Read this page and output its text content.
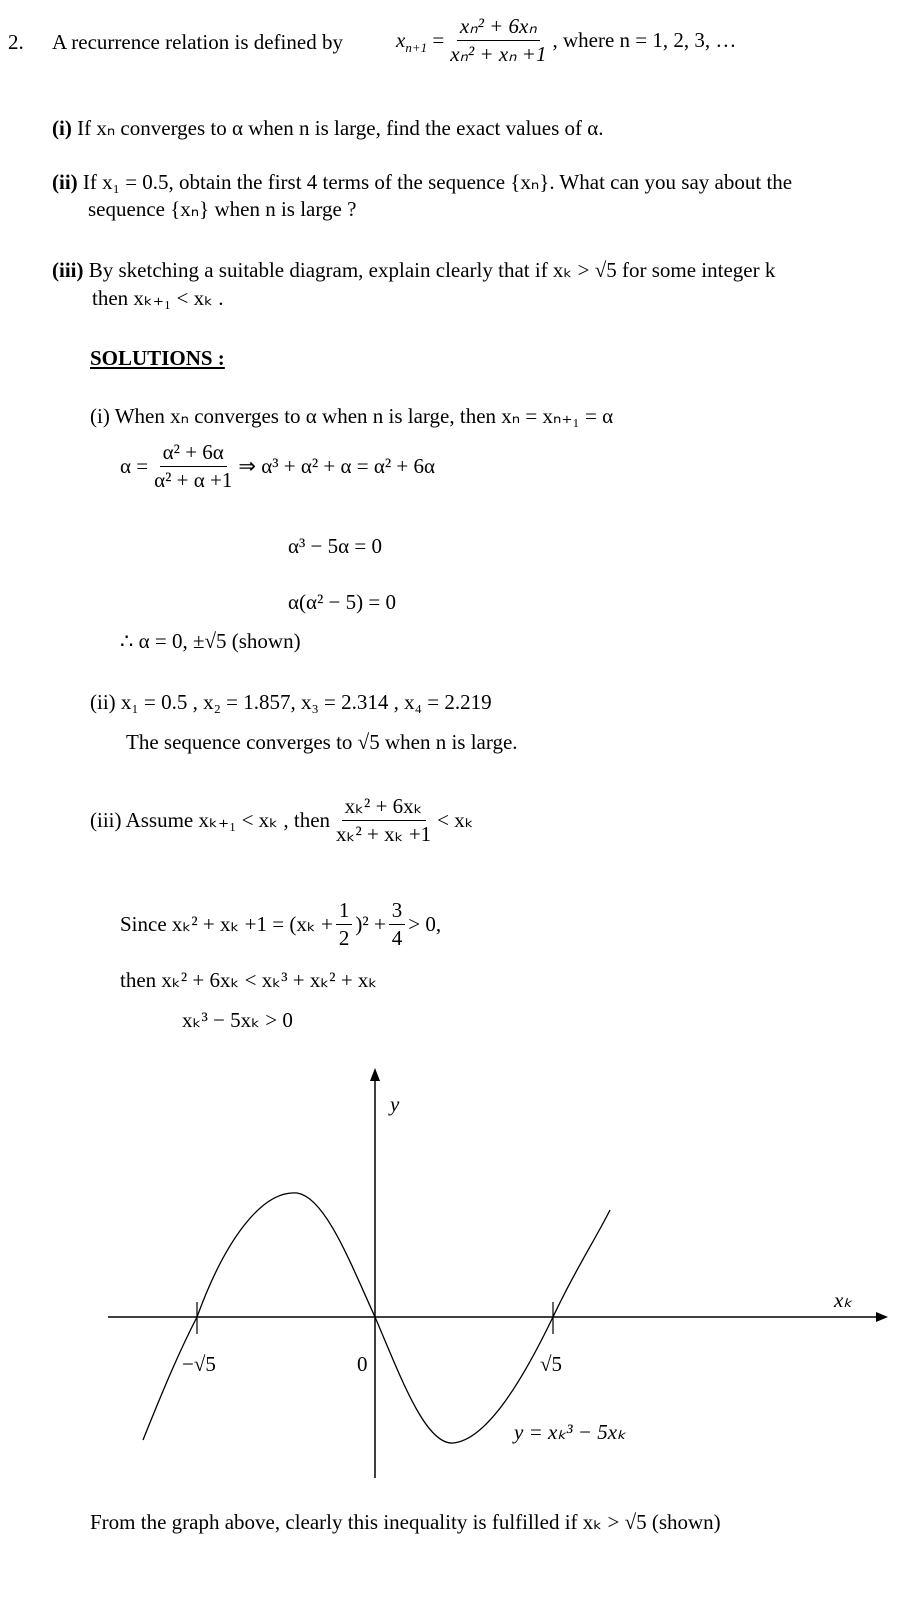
2. A recurrence relation is defined by	$x_{n+1} = \frac{\text{xₙ² + 6xₙ}}{\text{xₙ² + xₙ +1}}$ , where n = 1, 2, 3, …
(i) If xₙ converges to α when n is large, find the exact values of α.
(ii) If x₁ = 0.5, obtain the first 4 terms of the sequence {xₙ}. What can you say about the
sequence {xₙ} when n is large ?
(iii) By sketching a suitable diagram, explain clearly that if xₖ > √5 for some integer k
then xₖ₊₁ < xₖ .
SOLUTIONS :
(i) When xₙ converges to α when n is large, then xₙ = xₙ₊₁ = α
$\alpha = \frac{\text{α² + 6α}}{\text{α² + α +1}}$ ⇒ α³ + α² + α = α² + 6α
α³ − 5α = 0
α(α² − 5) = 0
∴ α = 0, ±√5 (shown)
(ii) x₁ = 0.5 , x₂ = 1.857, x₃ = 2.314 , x₄ = 2.219
The sequence converges to √5 when n is large.
(iii) Assume xₖ₊₁ < xₖ , then $\frac{\text{xₖ² + 6xₖ}}{\text{xₖ² + xₖ +1}} < x_k$
Since $x_k^2 + x_k +1 = (x_k + \frac{1}{2} )^2 + \frac{3}{4} > 0$,
then xₖ² + 6xₖ < xₖ³ + xₖ² + xₖ
xₖ³ − 5xₖ > 0
y
xₖ
−√5	0	√5
y = xₖ³ − 5xₖ
From the graph above, clearly this inequality is fulfilled if xₖ > √5 (shown)
